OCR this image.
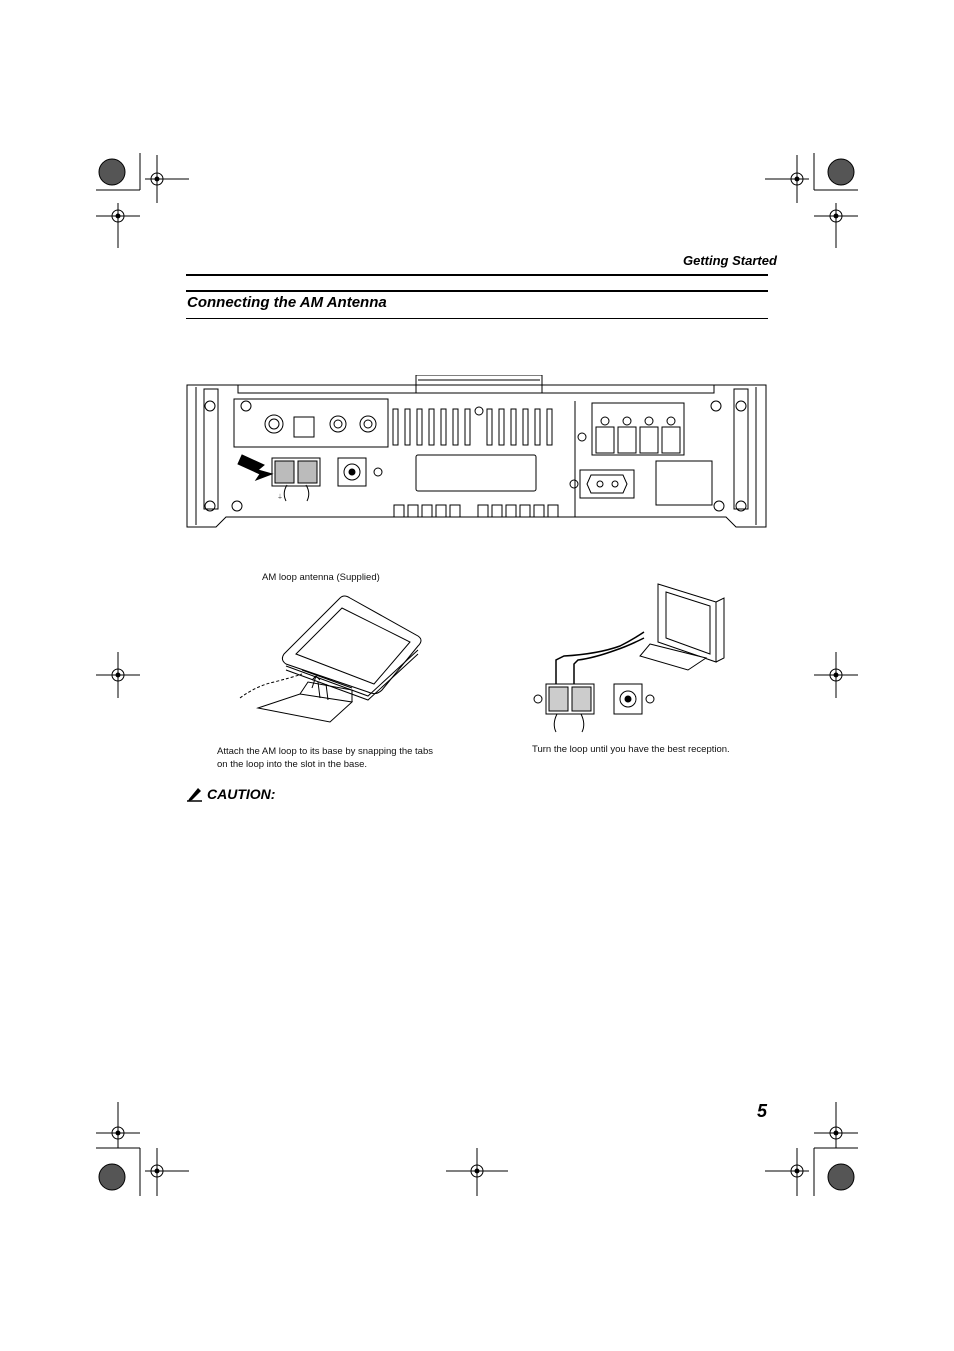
Getting Started
Connecting the AM Antenna
⏚
AM loop antenna (Supplied)
Attach the AM loop to its base by snapping the tabs on the loop into the slot in the base.
Turn the loop until you have the best reception.
CAUTION:
5
